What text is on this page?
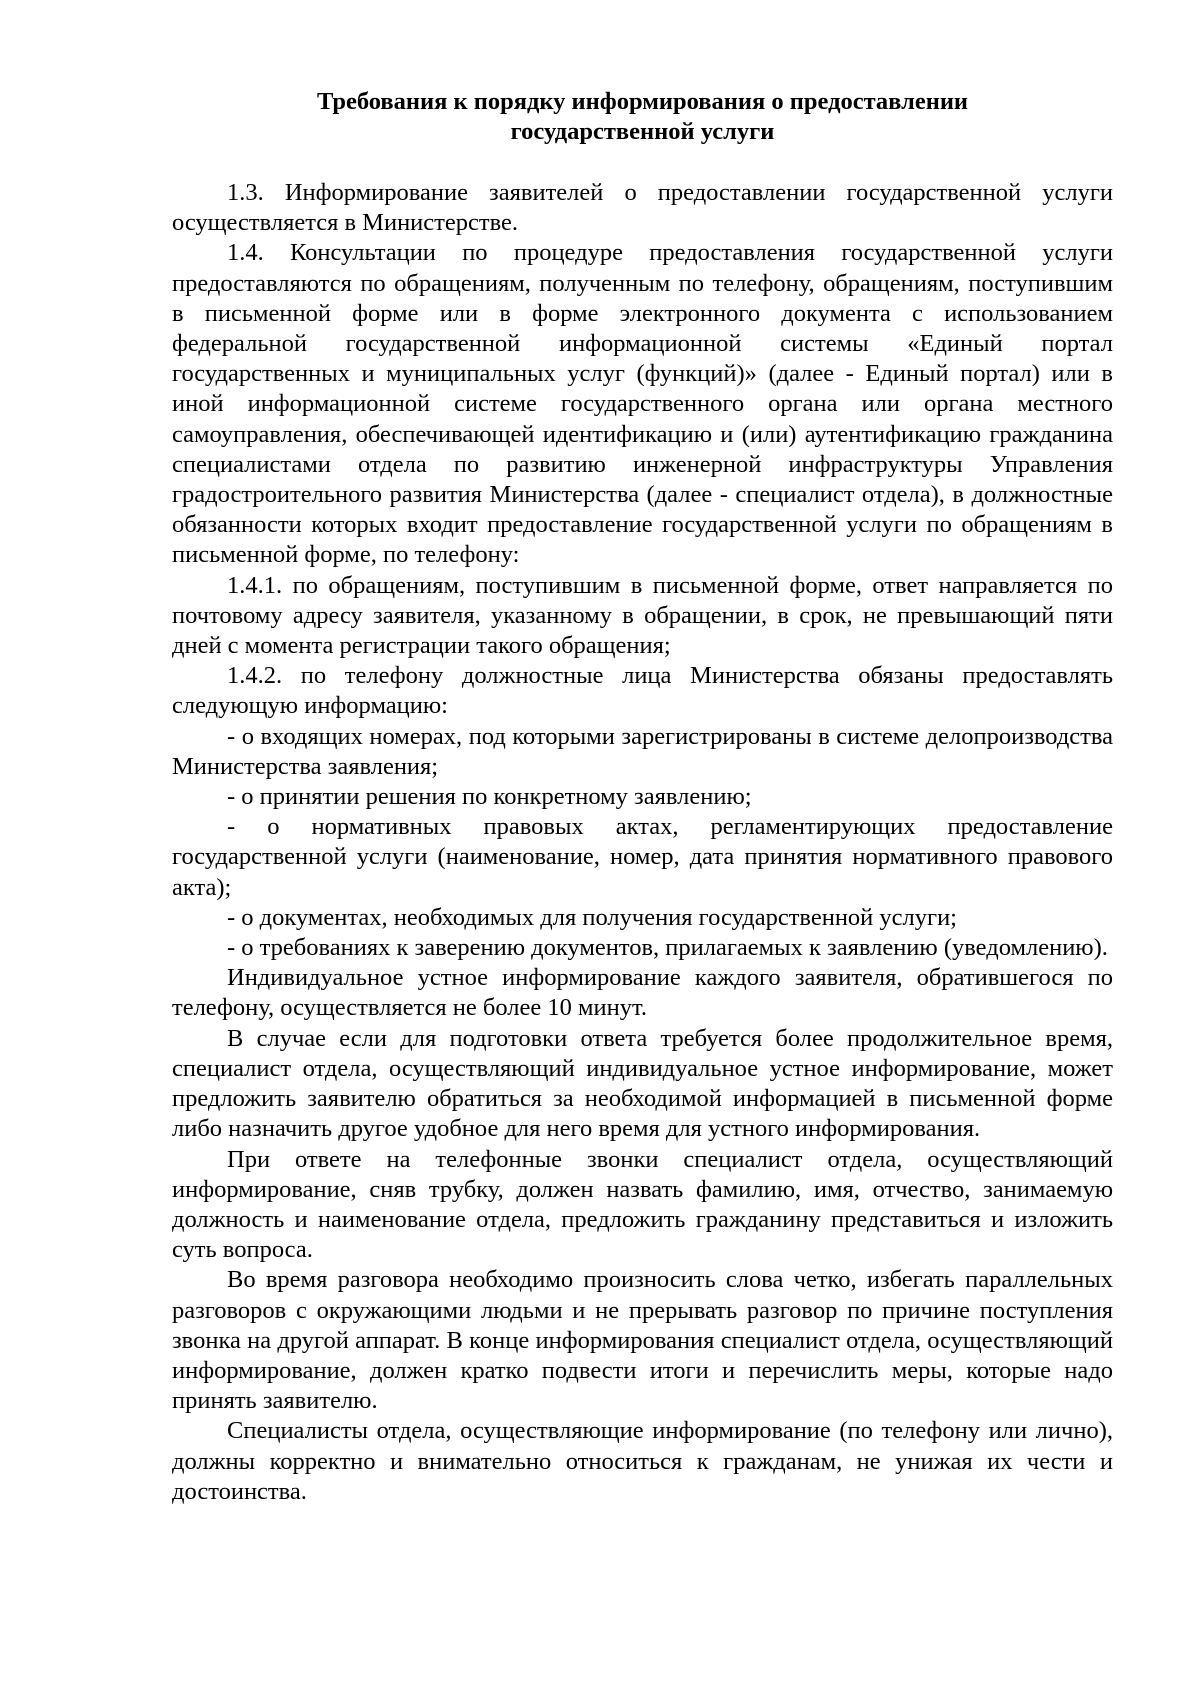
Требования к порядку информирования о предоставлении

государственной услуги

1.3. Информирование заявителей о предоставлении государственной услуги осуществляется в Министерстве.

1.4. Консультации по процедуре предоставления государственной услуги предоставляются по обращениям, полученным по телефону, обращениям, поступившим в письменной форме или в форме электронного документа с использованием федеральной государственной информационной системы «Единый портал государственных и муниципальных услуг (функций)» (далее - Единый портал) или в иной информационной системе государственного органа или органа местного самоуправления, обеспечивающей идентификацию и (или) аутентификацию гражданина специалистами отдела по развитию инженерной инфраструктуры Управления градостроительного развития Министерства (далее - специалист отдела), в должностные обязанности которых входит предоставление государственной услуги по обращениям в письменной форме, по телефону:

1.4.1. по обращениям, поступившим в письменной форме, ответ направляется по почтовому адресу заявителя, указанному в обращении, в срок, не превышающий пяти дней с момента регистрации такого обращения;

1.4.2. по телефону должностные лица Министерства обязаны предоставлять следующую информацию:

- о входящих номерах, под которыми зарегистрированы в системе делопроизводства Министерства заявления;

- о принятии решения по конкретному заявлению;

- о нормативных правовых актах, регламентирующих предоставление государственной услуги (наименование, номер, дата принятия нормативного правового акта);

- о документах, необходимых для получения государственной услуги;

- о требованиях к заверению документов, прилагаемых к заявлению (уведомлению).

Индивидуальное устное информирование каждого заявителя, обратившегося по телефону, осуществляется не более 10 минут.

В случае если для подготовки ответа требуется более продолжительное время, специалист отдела, осуществляющий индивидуальное устное информирование, может предложить заявителю обратиться за необходимой информацией в письменной форме либо назначить другое удобное для него время для устного информирования.

При ответе на телефонные звонки специалист отдела, осуществляющий информирование, сняв трубку, должен назвать фамилию, имя, отчество, занимаемую должность и наименование отдела, предложить гражданину представиться и изложить суть вопроса.

Во время разговора необходимо произносить слова четко, избегать параллельных разговоров с окружающими людьми и не прерывать разговор по причине поступления звонка на другой аппарат. В конце информирования специалист отдела, осуществляющий информирование, должен кратко подвести итоги и перечислить меры, которые надо принять заявителю.

Специалисты отдела, осуществляющие информирование (по телефону или лично), должны корректно и внимательно относиться к гражданам, не унижая их чести и достоинства.
